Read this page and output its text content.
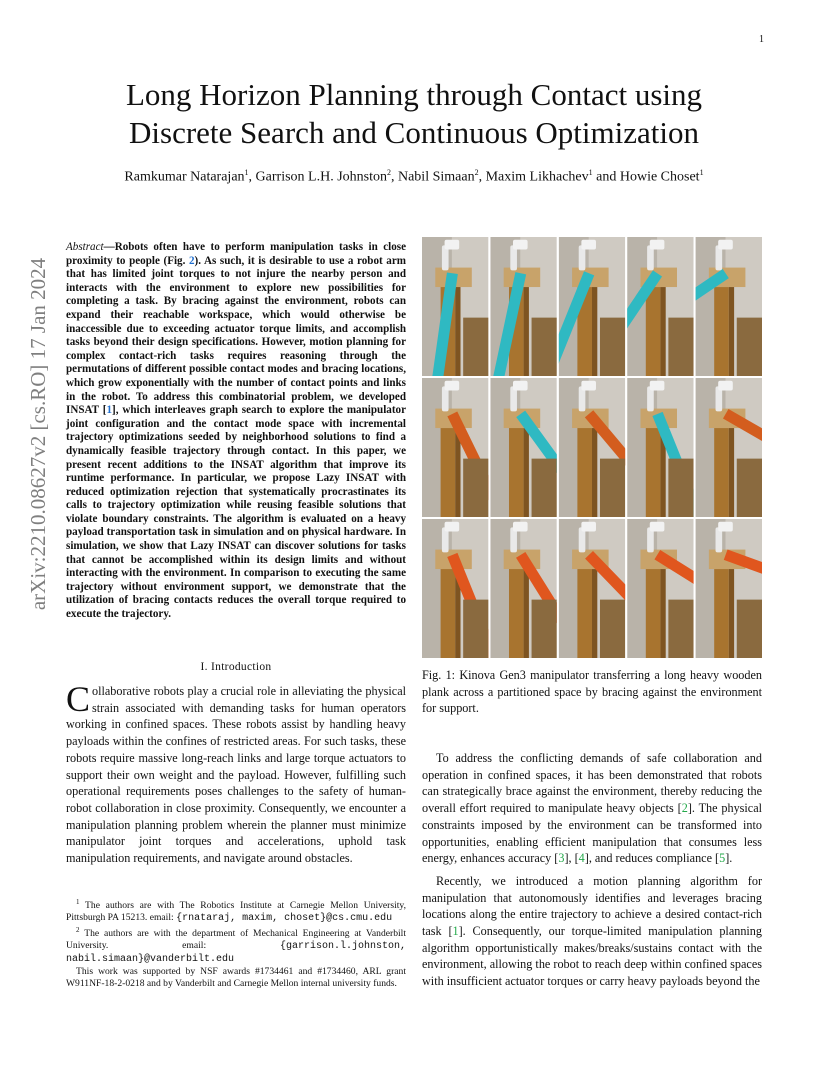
1
arXiv:2210.08627v2 [cs.RO] 17 Jan 2024
Long Horizon Planning through Contact using
Discrete Search and Continuous Optimization
Ramkumar Natarajan$^1$, Garrison L.H. Johnston$^2$, Nabil Simaan$^2$, Maxim Likhachev$^1$ and Howie Choset$^1$
Abstract—Robots often have to perform manipulation tasks in close proximity to people (Fig. 2). As such, it is desirable to use a robot arm that has limited joint torques to not injure the nearby person and interacts with the environment to explore new possibilities for completing a task. By bracing against the environment, robots can expand their reachable workspace, which would otherwise be inaccessible due to exceeding actuator torque limits, and accomplish tasks beyond their design specifications. However, motion planning for complex contact-rich tasks requires reasoning through the permutations of different possible contact modes and bracing locations, which grow exponentially with the number of contact points and links in the robot. To address this combinatorial problem, we developed INSAT [1], which interleaves graph search to explore the manipulator joint configuration and the contact mode space with incremental trajectory optimizations seeded by neighborhood solutions to find a dynamically feasible trajectory through contact. In this paper, we present recent additions to the INSAT algorithm that improve its runtime performance. In particular, we propose Lazy INSAT with reduced optimization rejection that systematically procrastinates its calls to trajectory optimization while reusing feasible solutions that violate boundary constraints. The algorithm is evaluated on a heavy payload transportation task in simulation and on physical hardware. In simulation, we show that Lazy INSAT can discover solutions for tasks that cannot be accomplished within its design limits and without interacting with the environment. In comparison to executing the same trajectory without environment support, we demonstrate that the utilization of bracing contacts reduces the overall torque required to execute the trajectory.
I. Introduction
Collaborative robots play a crucial role in alleviating the physical strain associated with demanding tasks for human operators working in confined spaces. These robots assist by handling heavy payloads within the confines of restricted areas. For such tasks, these robots require massive long-reach links and large torque actuators to support their own weight and the payload. However, fulfilling such operational requirements poses challenges to the safety of human-robot collaboration in close proximity. Consequently, we encounter a manipulation planning problem wherein the planner must minimize manipulator joint torques and accelerations, uphold task manipulation requirements, and navigate around obstacles.

$^1$ The authors are with The Robotics Institute at Carnegie Mellon University, Pittsburgh PA 15213. email: {rnataraj, maxim, choset}@cs.cmu.edu

$^2$ The authors are with the department of Mechanical Engineering at Vanderbilt University. email: {garrison.l.johnston, nabil.simaan}@vanderbilt.edu

This work was supported by NSF awards #1734461 and #1734460, ARL grant W911NF-18-2-0218 and by Vanderbilt and Carnegie Mellon internal university funds.

Fig. 1: Kinova Gen3 manipulator transferring a long heavy wooden plank across a partitioned space by bracing against the environment for support.

To address the conflicting demands of safe collaboration and operation in confined spaces, it has been demonstrated that robots can strategically brace against the environment, thereby reducing the overall effort required to manipulate heavy objects [2]. The physical constraints imposed by the environment can be transformed into opportunities, enabling efficient manipulation that consumes less energy, enhances accuracy [3], [4], and reduces compliance [5].

Recently, we introduced a motion planning algorithm for manipulation that autonomously identifies and leverages bracing locations along the entire trajectory to achieve a desired contact-rich task [1]. Consequently, our torque-limited manipulation planning algorithm opportunistically makes/breaks/sustains contact with the environment, allowing the robot to reach deep within confined spaces with insufficient actuator torques or carry heavy payloads beyond the
